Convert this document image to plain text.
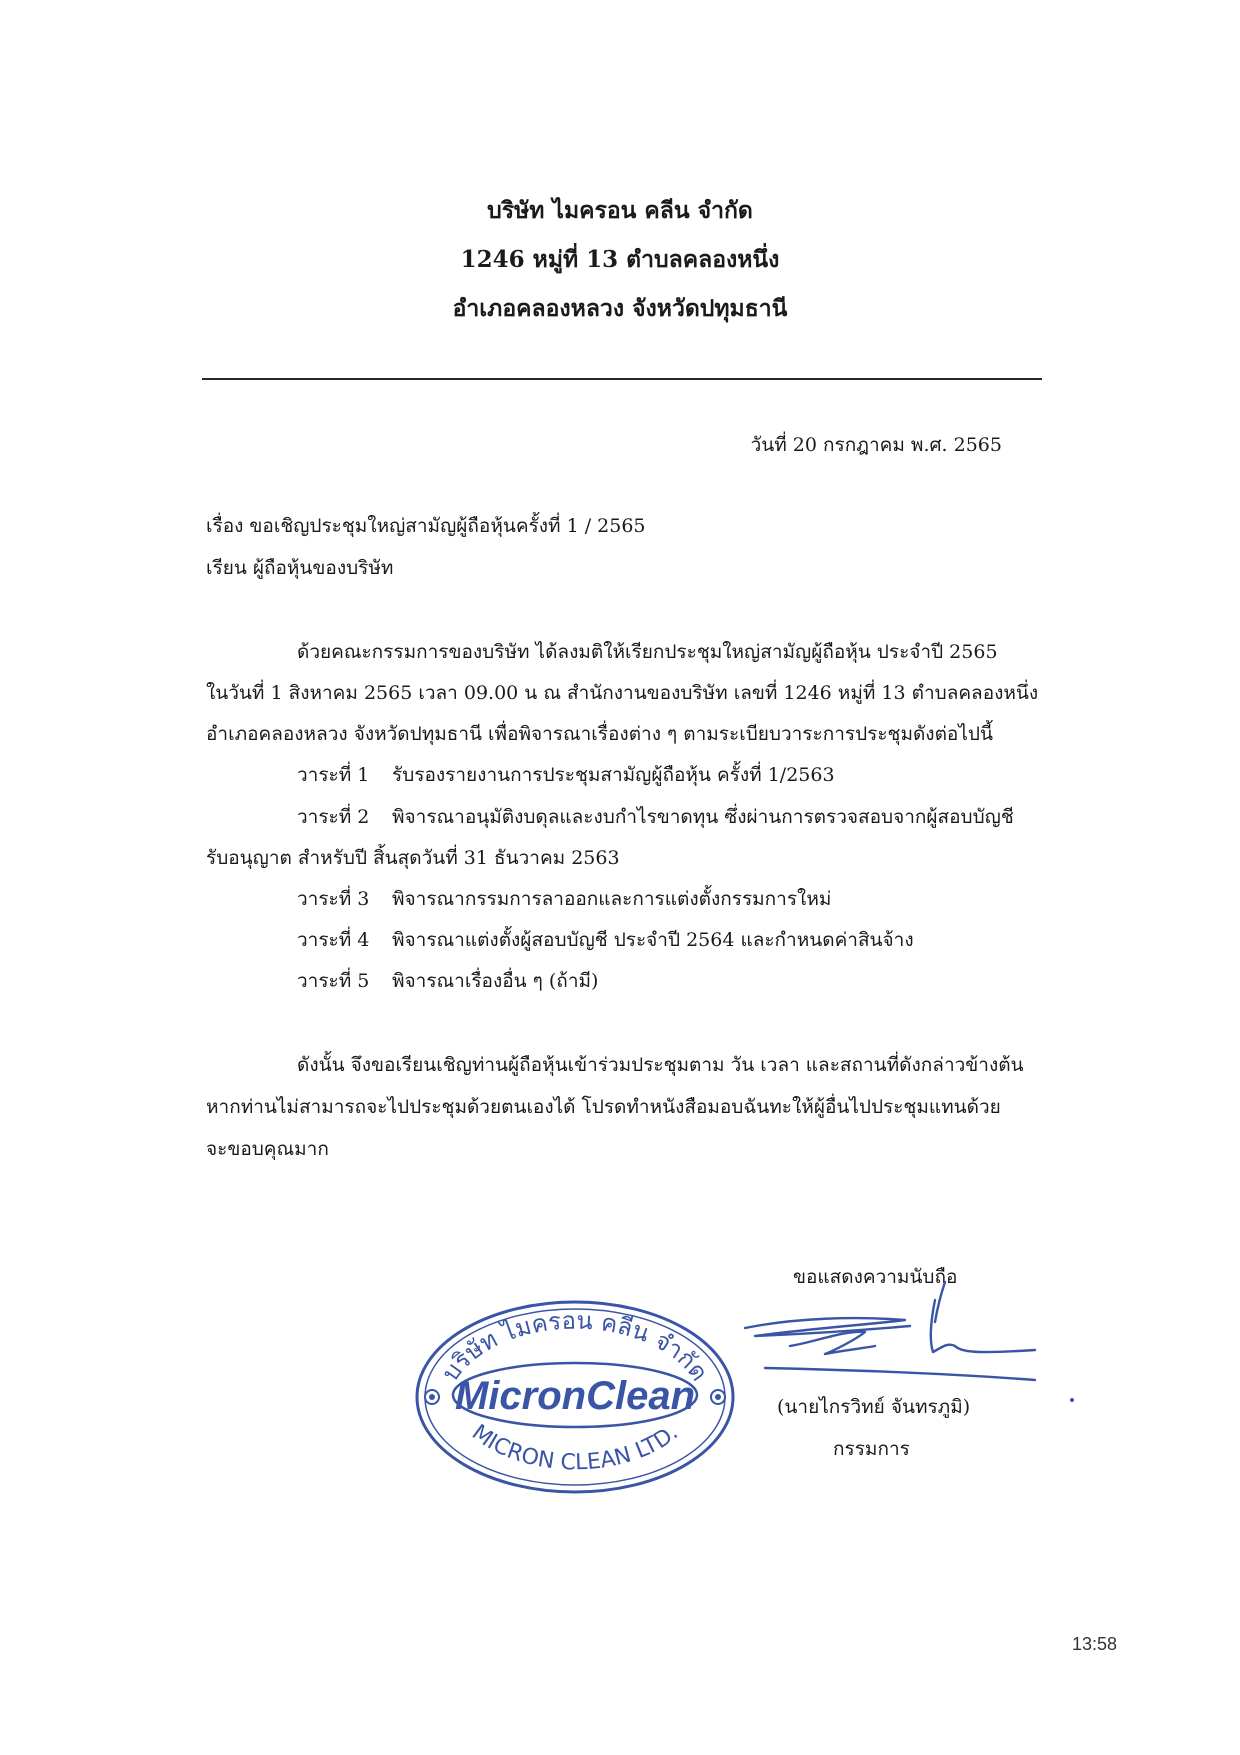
บริษัท ไมครอน คลีน จำกัด
1246 หมู่ที่ 13 ตำบลคลองหนึ่ง
อำเภอคลองหลวง จังหวัดปทุมธานี
วันที่ 20 กรกฎาคม พ.ศ. 2565
เรื่อง ขอเชิญประชุมใหญ่สามัญผู้ถือหุ้นครั้งที่ 1 / 2565
เรียน ผู้ถือหุ้นของบริษัท
ด้วยคณะกรรมการของบริษัท ได้ลงมติให้เรียกประชุมใหญ่สามัญผู้ถือหุ้น ประจำปี 2565
ในวันที่ 1 สิงหาคม 2565 เวลา 09.00 น ณ สำนักงานของบริษัท เลขที่ 1246 หมู่ที่ 13 ตำบลคลองหนึ่ง
อำเภอคลองหลวง จังหวัดปทุมธานี เพื่อพิจารณาเรื่องต่าง ๆ ตามระเบียบวาระการประชุมดังต่อไปนี้
วาระที่ 1 รับรองรายงานการประชุมสามัญผู้ถือหุ้น ครั้งที่ 1/2563
วาระที่ 2 พิจารณาอนุมัติงบดุลและงบกำไรขาดทุน ซึ่งผ่านการตรวจสอบจากผู้สอบบัญชี
รับอนุญาต สำหรับปี สิ้นสุดวันที่ 31 ธันวาคม 2563
วาระที่ 3 พิจารณากรรมการลาออกและการแต่งตั้งกรรมการใหม่
วาระที่ 4 พิจารณาแต่งตั้งผู้สอบบัญชี ประจำปี 2564 และกำหนดค่าสินจ้าง
วาระที่ 5 พิจารณาเรื่องอื่น ๆ (ถ้ามี)
ดังนั้น จึงขอเรียนเชิญท่านผู้ถือหุ้นเข้าร่วมประชุมตาม วัน เวลา และสถานที่ดังกล่าวข้างต้น
หากท่านไม่สามารถจะไปประชุมด้วยตนเองได้ โปรดทำหนังสือมอบฉันทะให้ผู้อื่นไปประชุมแทนด้วย
จะขอบคุณมาก
ขอแสดงความนับถือ
(นายไกรวิทย์ จันทรภูมิ)
กรรมการ
บริษัท ไมครอน คลีน จำกัด
MicronClean
MICRON CLEAN LTD.
13:58
